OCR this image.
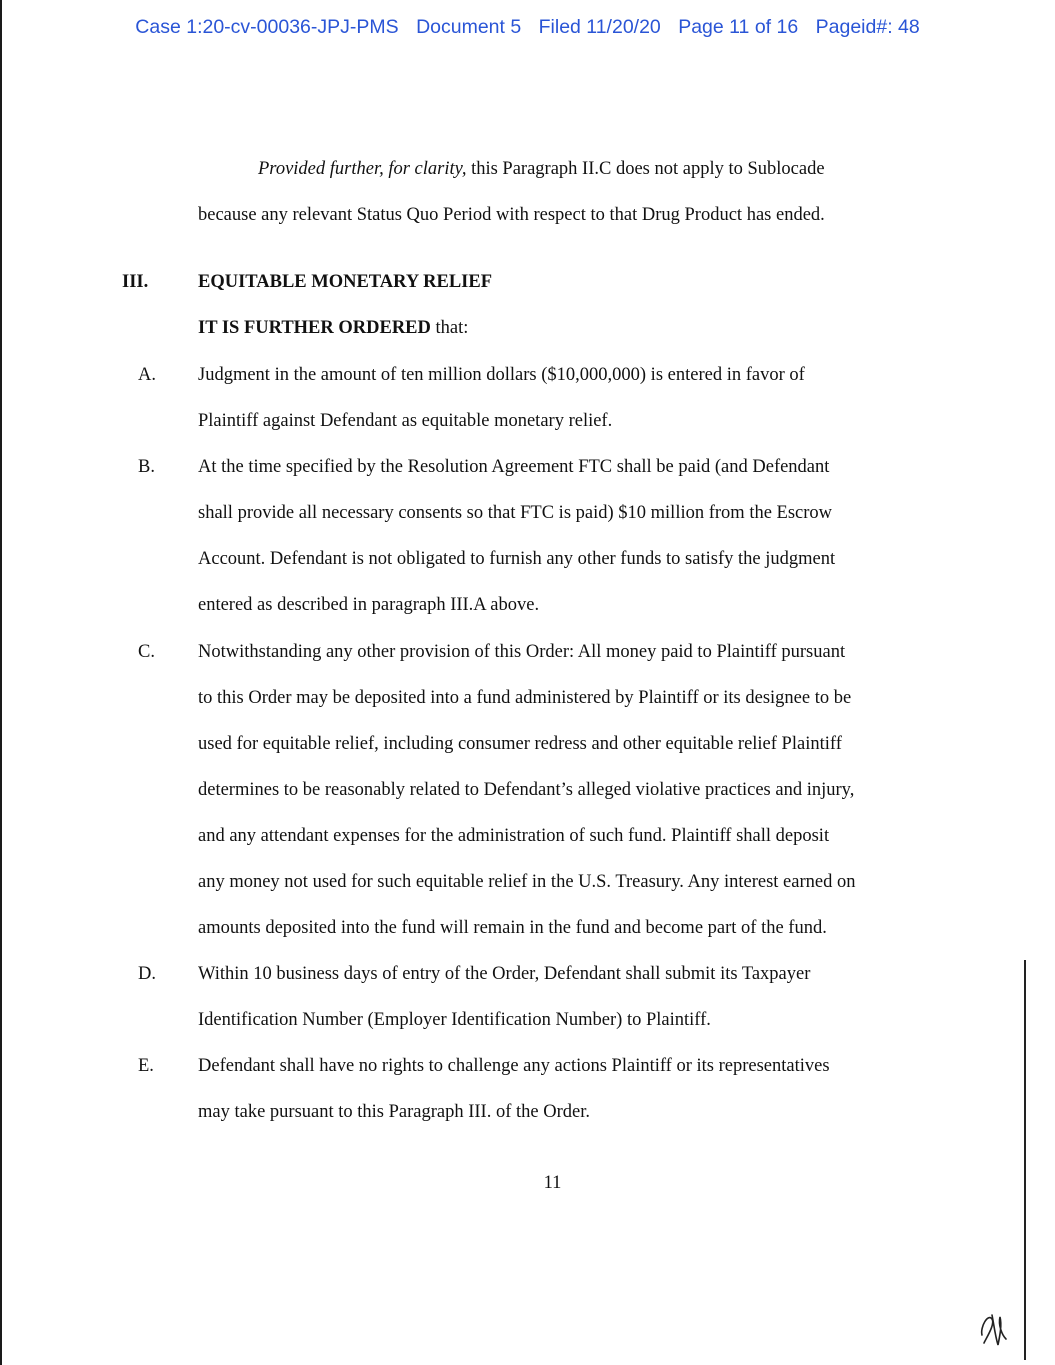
Case 1:20-cv-00036-JPJ-PMS Document 5 Filed 11/20/20 Page 11 of 16 Pageid#: 48
Provided further, for clarity, this Paragraph II.C does not apply to Sublocade
because any relevant Status Quo Period with respect to that Drug Product has ended.
III.	EQUITABLE MONETARY RELIEF
IT IS FURTHER ORDERED that:
A. Judgment in the amount of ten million dollars ($10,000,000) is entered in favor of
Plaintiff against Defendant as equitable monetary relief.
B. At the time specified by the Resolution Agreement FTC shall be paid (and Defendant
shall provide all necessary consents so that FTC is paid) $10 million from the Escrow
Account. Defendant is not obligated to furnish any other funds to satisfy the judgment
entered as described in paragraph III.A above.
C. Notwithstanding any other provision of this Order: All money paid to Plaintiff pursuant
to this Order may be deposited into a fund administered by Plaintiff or its designee to be
used for equitable relief, including consumer redress and other equitable relief Plaintiff
determines to be reasonably related to Defendant’s alleged violative practices and injury,
and any attendant expenses for the administration of such fund. Plaintiff shall deposit
any money not used for such equitable relief in the U.S. Treasury. Any interest earned on
amounts deposited into the fund will remain in the fund and become part of the fund.
D. Within 10 business days of entry of the Order, Defendant shall submit its Taxpayer
Identification Number (Employer Identification Number) to Plaintiff.
E. Defendant shall have no rights to challenge any actions Plaintiff or its representatives
may take pursuant to this Paragraph III. of the Order.
11
